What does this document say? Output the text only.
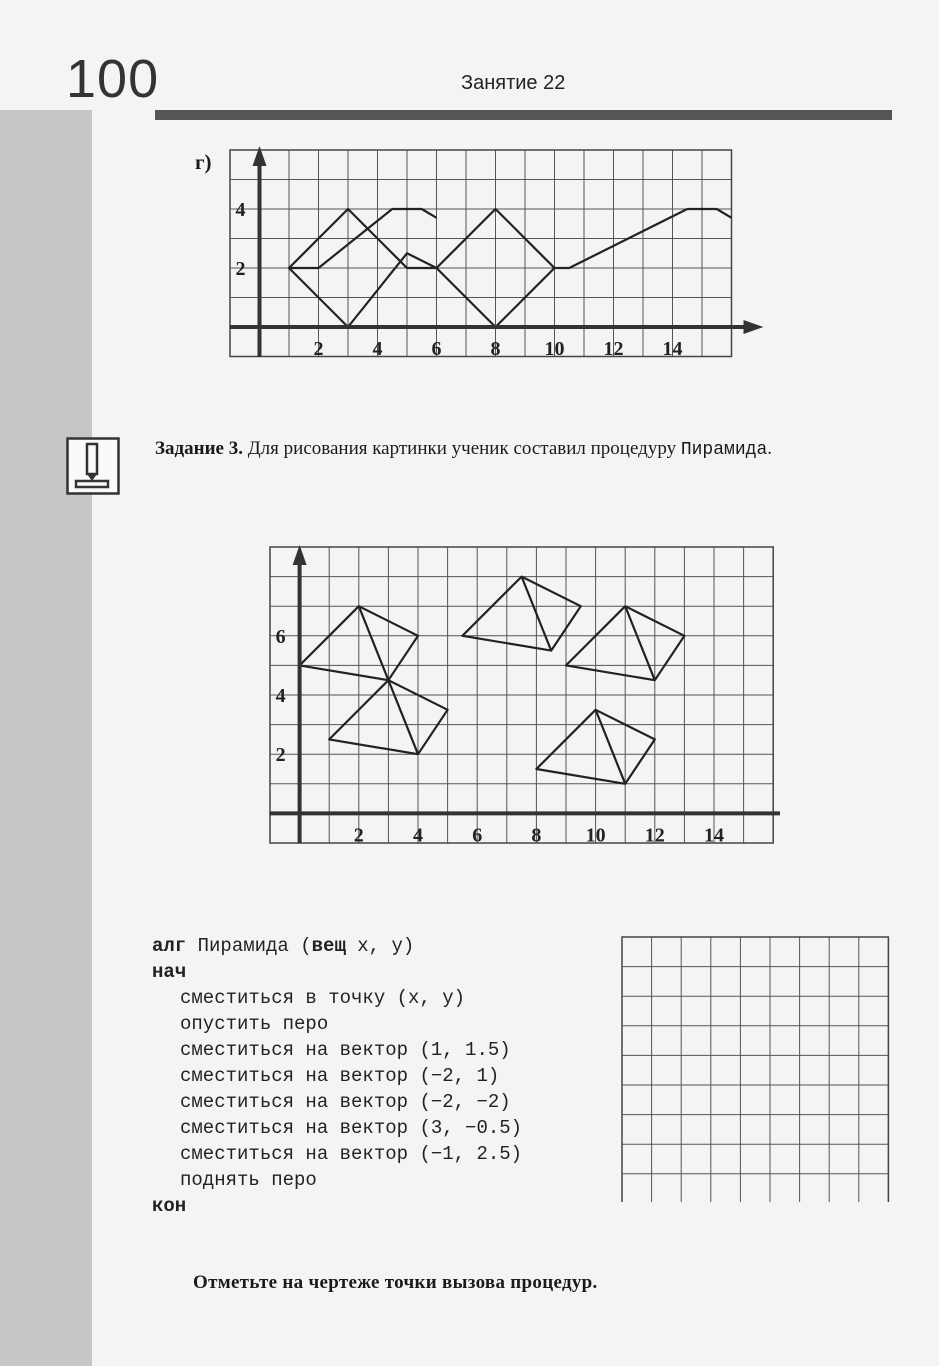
100	Занятие 22
г)
2 4 6 8 10 12 14
2
4
Задание 3. Для рисования картинки ученик составил процедуру Пирамида.
2 4 6 8 10 12 14
2
4
6
алг Пирамида (вещ x, y)
нач
сместиться в точку (x, y)
опустить перо
сместиться на вектор (1, 1.5)
сместиться на вектор (−2, 1)
сместиться на вектор (−2, −2)
сместиться на вектор (3, −0.5)
сместиться на вектор (−1, 2.5)
поднять перо
кон
Отметьте на чертеже точки вызова процедур.
